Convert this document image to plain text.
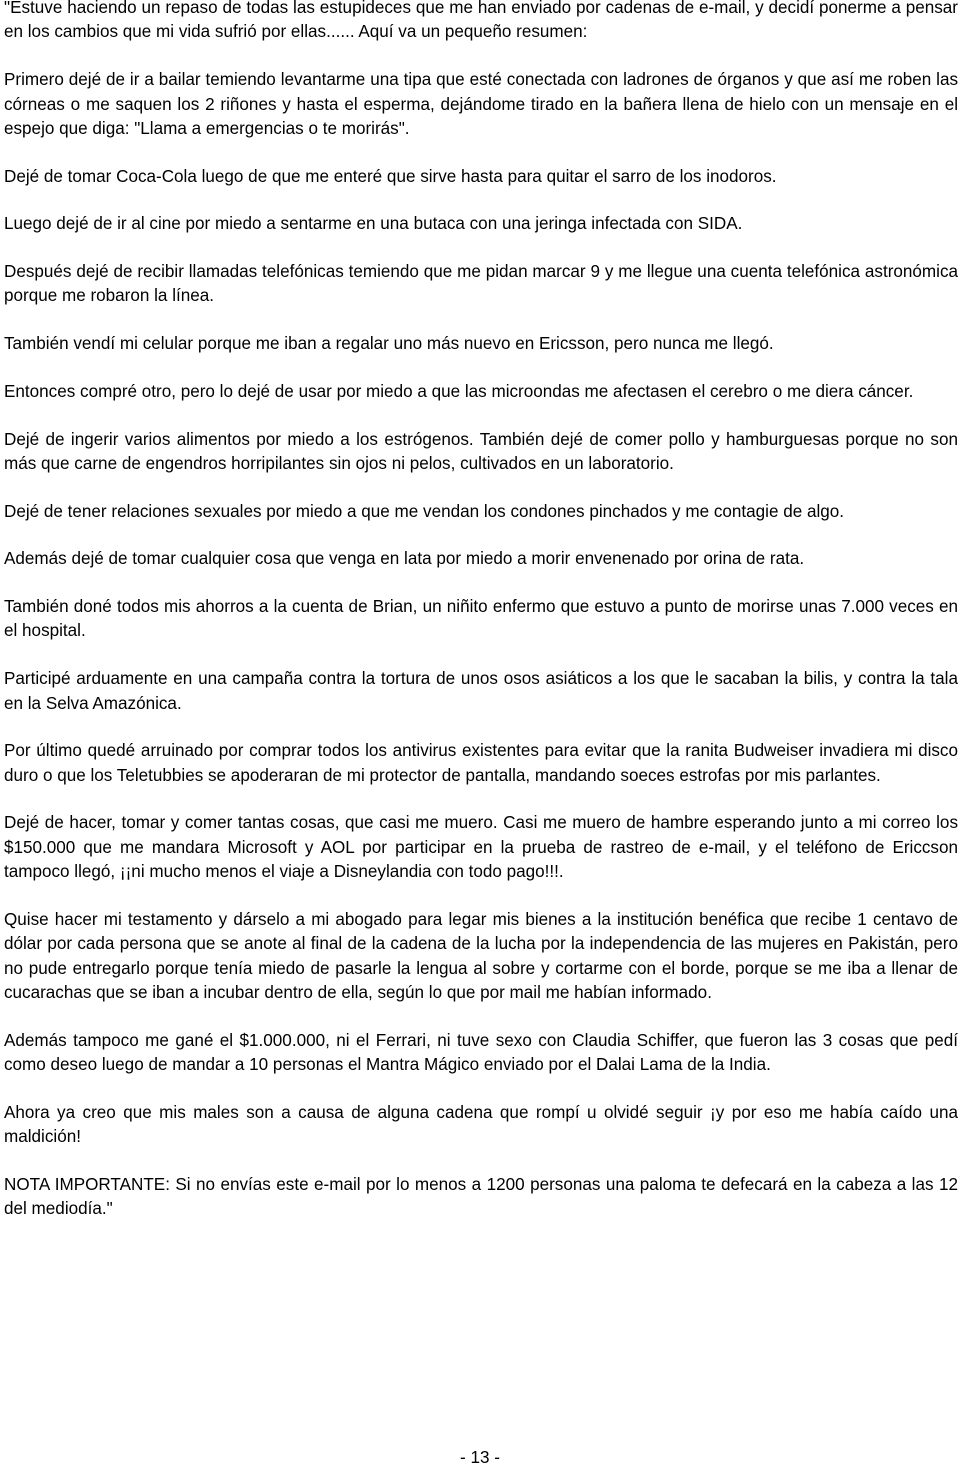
"Estuve haciendo un repaso de todas las estupideces que me han enviado por cadenas de e-mail, y decidí ponerme a pensar en los cambios que mi vida sufrió por ellas...... Aquí va un pequeño resumen:

Primero dejé de ir a bailar temiendo levantarme una tipa que esté conectada con ladrones de órganos y que así me roben las córneas o me saquen los 2 riñones y hasta el esperma, dejándome tirado en la bañera llena de hielo con un mensaje en el espejo que diga: "Llama a emergencias o te morirás".

Dejé de tomar Coca-Cola luego de que me enteré que sirve hasta para quitar el sarro de los inodoros.

Luego dejé de ir al cine por miedo a sentarme en una butaca con una jeringa infectada con SIDA.

Después dejé de recibir llamadas telefónicas temiendo que me pidan marcar 9 y me llegue una cuenta telefónica astronómica porque me robaron la línea.

También vendí mi celular porque me iban a regalar uno más nuevo en Ericsson, pero nunca me llegó.

Entonces compré otro, pero lo dejé de usar por miedo a que las microondas me afectasen el cerebro o me diera cáncer.

Dejé de ingerir varios alimentos por miedo a los estrógenos. También dejé de comer pollo y hamburguesas porque no son más que carne de engendros horripilantes sin ojos ni pelos, cultivados en un laboratorio.

Dejé de tener relaciones sexuales por miedo a que me vendan los condones pinchados y me contagie de algo.

Además dejé de tomar cualquier cosa que venga en lata por miedo a morir envenenado por orina de rata.

También doné todos mis ahorros a la cuenta de Brian, un niñito enfermo que estuvo a punto de morirse unas 7.000 veces en el hospital.

Participé arduamente en una campaña contra la tortura de unos osos asiáticos a los que le sacaban la bilis, y contra la tala en la Selva Amazónica.

Por último quedé arruinado por comprar todos los antivirus existentes para evitar que la ranita Budweiser invadiera mi disco duro o que los Teletubbies se apoderaran de mi protector de pantalla, mandando soeces estrofas por mis parlantes.

Dejé de hacer, tomar y comer tantas cosas, que casi me muero. Casi me muero de hambre esperando junto a mi correo los $150.000 que me mandara Microsoft y AOL por participar en la prueba de rastreo de e-mail, y el teléfono de Ericcson tampoco llegó, ¡¡ni mucho menos el viaje a Disneylandia con todo pago!!!.

Quise hacer mi testamento y dárselo a mi abogado para legar mis bienes a la institución benéfica que recibe 1 centavo de dólar por cada persona que se anote al final de la cadena de la lucha por la independencia de las mujeres en Pakistán, pero no pude entregarlo porque tenía miedo de pasarle la lengua al sobre y cortarme con el borde, porque se me iba a llenar de cucarachas que se iban a incubar dentro de ella, según lo que por mail me habían informado.

Además tampoco me gané el $1.000.000, ni el Ferrari, ni tuve sexo con Claudia Schiffer, que fueron las 3 cosas que pedí como deseo luego de mandar a 10 personas el Mantra Mágico enviado por el Dalai Lama de la India.

Ahora ya creo que mis males son a causa de alguna cadena que rompí u olvidé seguir ¡y por eso me había caído una maldición!

NOTA IMPORTANTE: Si no envías este e-mail por lo menos a 1200 personas una paloma te defecará en la cabeza a las 12 del mediodía."

- 13 -
